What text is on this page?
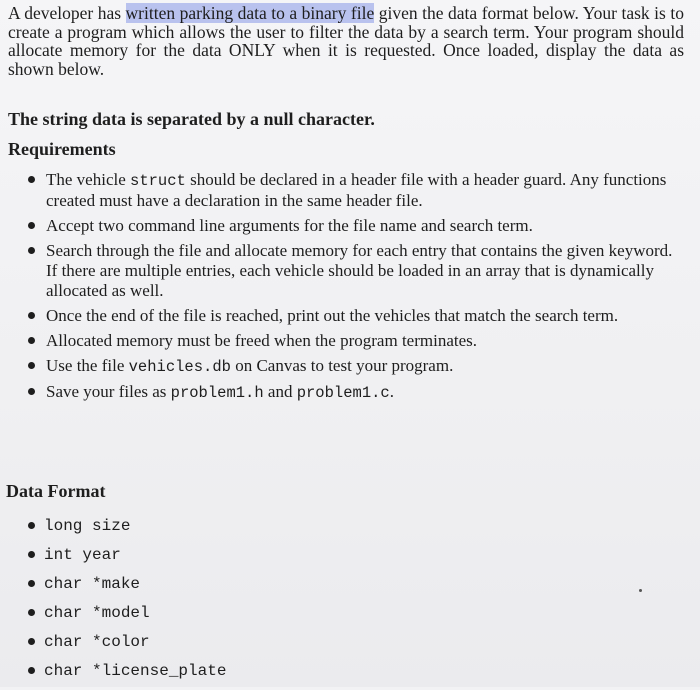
A developer has written parking data to a binary file given the data format below. Your task is to create a program which allows the user to filter the data by a search term. Your program should allocate memory for the data ONLY when it is requested. Once loaded, display the data as shown below.
The string data is separated by a null character.
Requirements
The vehicle struct should be declared in a header file with a header guard. Any functions created must have a declaration in the same header file.
Accept two command line arguments for the file name and search term.
Search through the file and allocate memory for each entry that contains the given keyword. If there are multiple entries, each vehicle should be loaded in an array that is dynamically allocated as well.
Once the end of the file is reached, print out the vehicles that match the search term.
Allocated memory must be freed when the program terminates.
Use the file vehicles.db on Canvas to test your program.
Save your files as problem1.h and problem1.c.
Data Format
long size
int year
char *make
char *model
char *color
char *license_plate
